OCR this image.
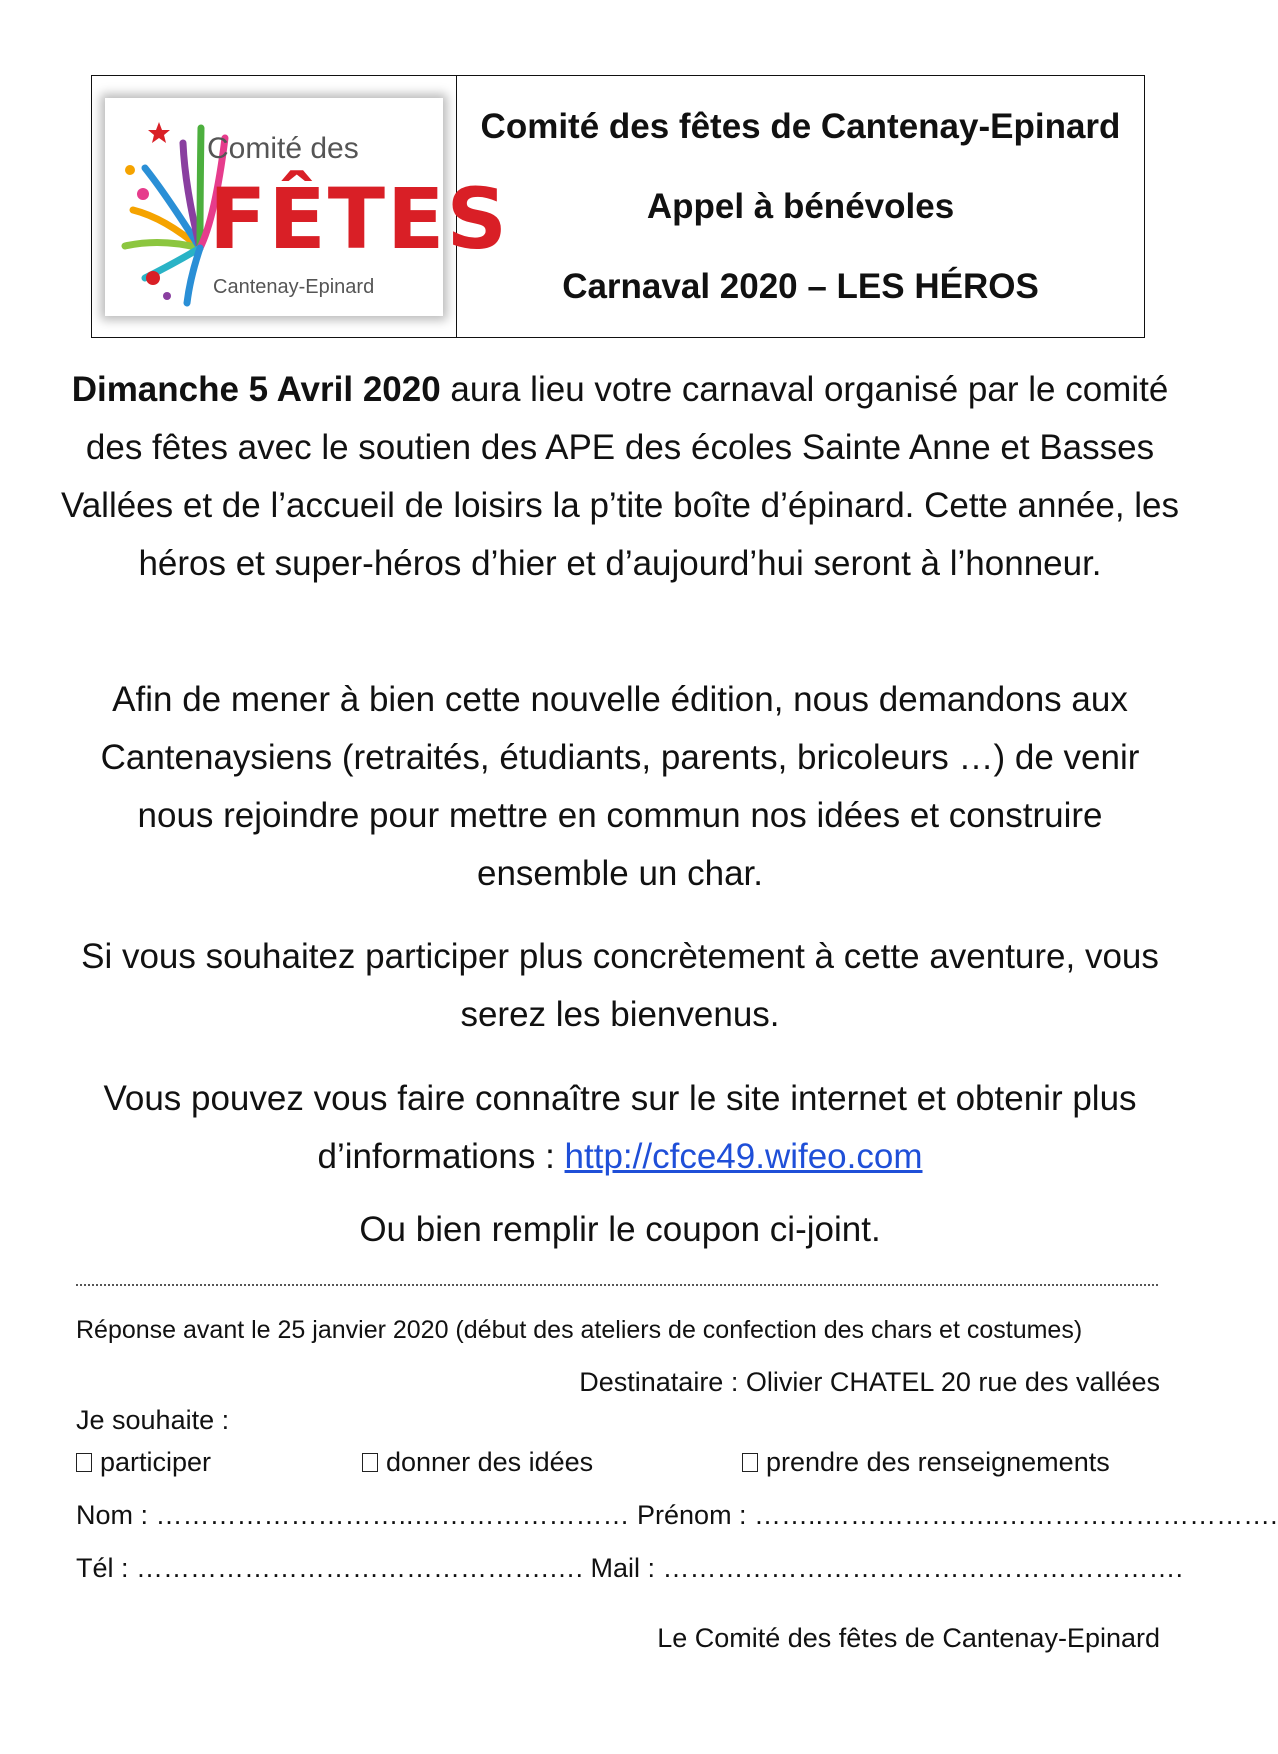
Comité des
FÊTES
Cantenay-Epinard
Comité des fêtes de Cantenay-Epinard
Appel à bénévoles
Carnaval 2020 – LES HÉROS

Dimanche 5 Avril 2020 aura lieu votre carnaval organisé par le comité des fêtes avec le soutien des APE des écoles Sainte Anne et Basses Vallées et de l’accueil de loisirs la p’tite boîte d’épinard. Cette année, les héros et super-héros d’hier et d’aujourd’hui seront à l’honneur.

Afin de mener à bien cette nouvelle édition, nous demandons aux Cantenaysiens (retraités, étudiants, parents, bricoleurs …) de venir nous rejoindre pour mettre en commun nos idées et construire ensemble un char.

Si vous souhaitez participer plus concrètement à cette aventure, vous serez les bienvenus.

Vous pouvez vous faire connaître sur le site internet et obtenir plus d’informations : http://cfce49.wifeo.com

Ou bien remplir le coupon ci-joint.

Réponse avant le 25 janvier 2020 (début des ateliers de confection des chars et costumes)
Destinataire : Olivier CHATEL 20 rue des vallées
Je souhaite :
participer	donner des idées	prendre des renseignements
Nom : ………………………..…………………… Prénom : ……..………………..………………………….
Tél : ……………………………………….…. Mail : ………………………………………………….
Le Comité des fêtes de Cantenay-Epinard
